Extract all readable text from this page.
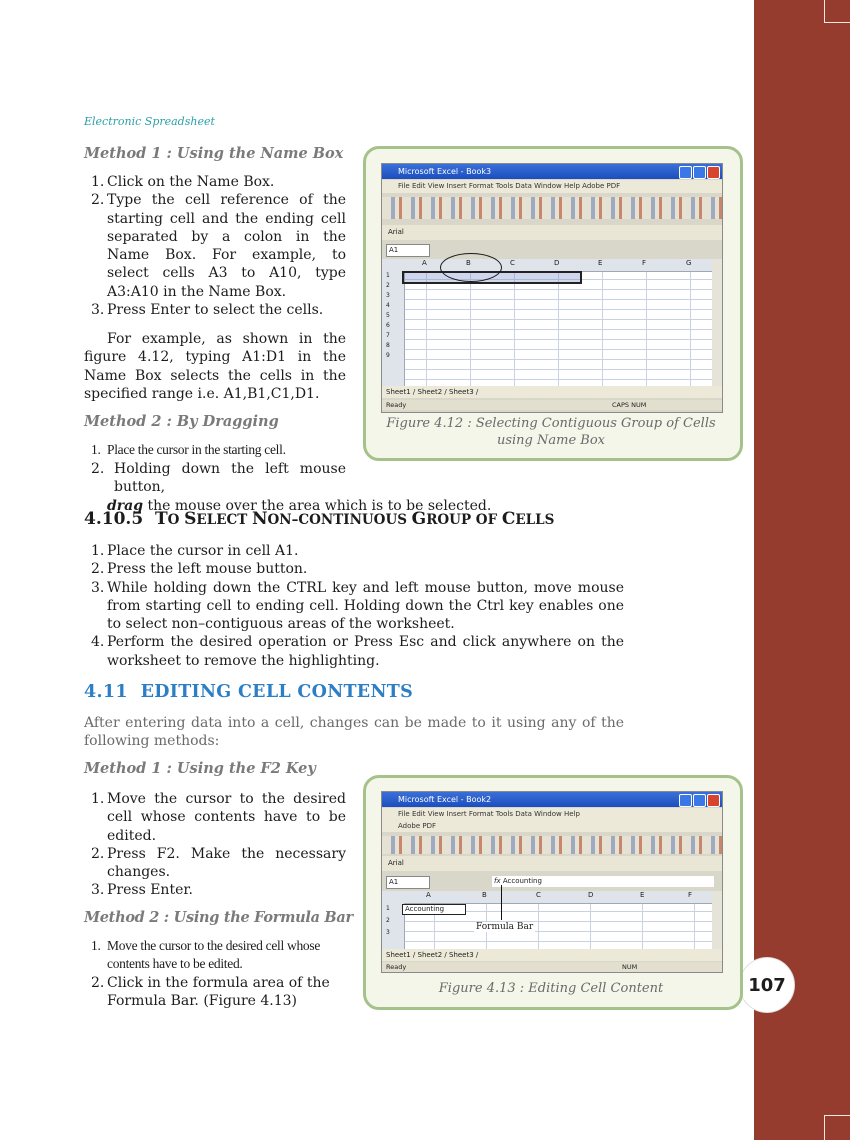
107
Electronic Spreadsheet
Method 1 : Using the Name Box
1. Click on the Name Box.
2. Type the cell reference of the starting cell and the ending cell separated by a colon in the Name Box. For example, to select cells A3 to A10, type A3:A10 in the Name Box.
3. Press Enter to select the cells.
For example, as shown in the figure 4.12, typing A1:D1 in the Name Box selects the cells in the specified range i.e. A1,B1,C1,D1.
Method 2 : By Dragging
1. Place the cursor in the starting cell.
2. Holding down the left mouse button,
drag the mouse over the area which is to be selected.
Microsoft Excel - Book3
File Edit View Insert Format Tools Data Window Help Adobe PDF
Arial
A1
A	B	C	D	E	F	G
1
2
3
4
5
6
7
8
9
Sheet1 / Sheet2 / Sheet3 /
Ready	CAPS NUM
Figure 4.12 : Selecting Contiguous Group of Cells using Name Box
4.10.5 TO SELECT NON–CONTINUOUS GROUP OF CELLS
1. Place the cursor in cell A1.
2. Press the left mouse button.
3. While holding down the CTRL key and left mouse button, move mouse from starting cell to ending cell. Holding down the Ctrl key enables one to select non–contiguous areas of the worksheet.
4. Perform the desired operation or Press Esc and click anywhere on the worksheet to remove the highlighting.
4.11  EDITING CELL CONTENTS
After entering data into a cell, changes can be made to it using any of the following methods:
Method 1 : Using the F2 Key
1. Move the cursor to the desired cell whose contents have to be edited.
2. Press F2. Make the necessary changes.
3. Press Enter.
Method 2 : Using the Formula Bar
1. Move the cursor to the desired cell whose contents have to be edited.
2. Click in the formula area of the Formula Bar. (Figure 4.13)
Microsoft Excel - Book2
File Edit View Insert Format Tools Data Window Help
Adobe PDF
Arial
A1	fx Accounting
A	B	C	D	E	F
1
2
3
Accounting
Sheet1 / Sheet2 / Sheet3 /
Ready	NUM
Formula Bar
Figure 4.13 : Editing Cell Content
